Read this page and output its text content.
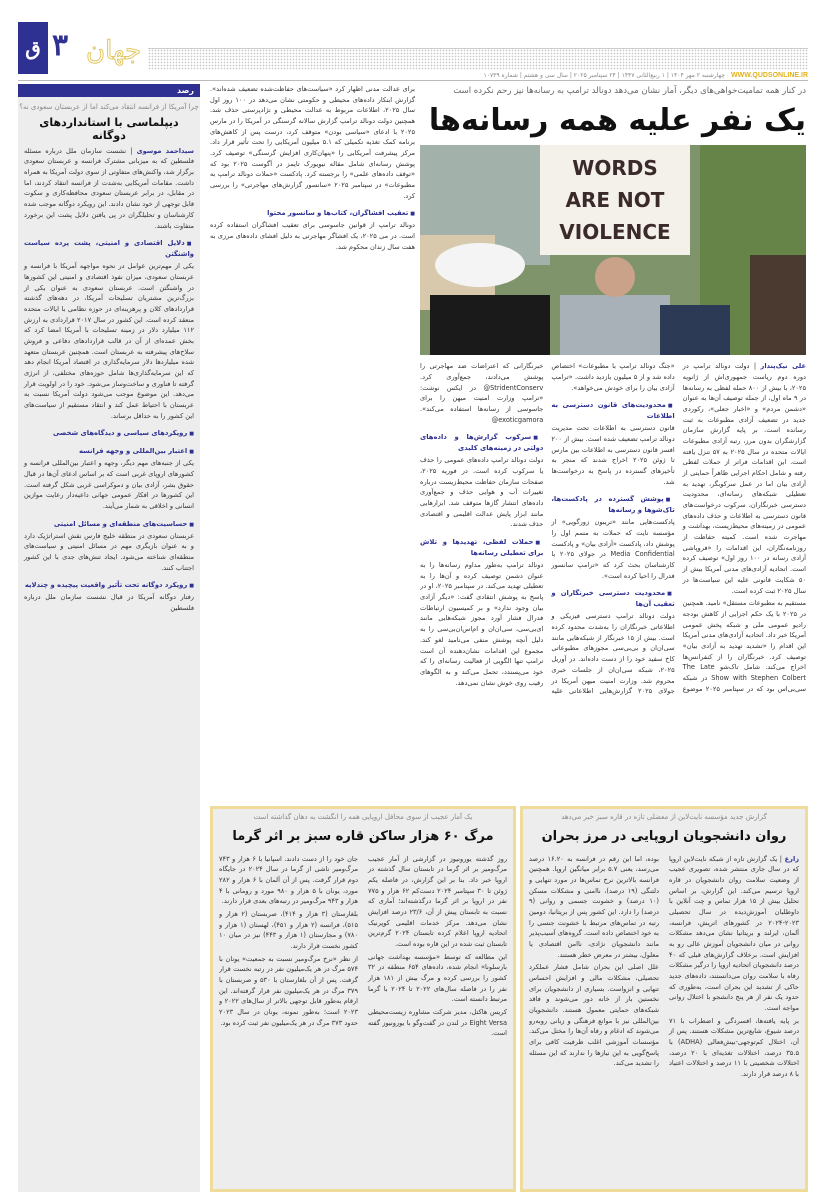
ق ۳ جهان
WWW.QUDSONLINE.IR
چهارشنبه ۲ مهر ۱۴۰۴ | ۱ ربیع‌الثانی ۱۴۴۷ | ۲۴ سپتامبر ۲۰۲۵ | سال سی و هشتم | شماره ۱۰۷۳۹
رصد
چرا آمریکا از فرانسه انتقاد می‌کند اما از عربستان سعودی نه؟
دیپلماسی با استانداردهای دوگانه

سیداحمد موسوی | نشست سازمان ملل درباره مسئله فلسطین که به میزبانی مشترک فرانسه و عربستان سعودی برگزار شد، واکنش‌های متفاوتی از سوی دولت آمریکا به همراه داشت. مقامات آمریکایی به‌شدت از فرانسه انتقاد کردند، اما در مقابل، در برابر عربستان سعودی محافظه‌کاری و سکوت قابل توجهی از خود نشان دادند. این رویکرد دوگانه موجب شده کارشناسان و تحلیلگران در پی یافتن دلایل پشت این برخورد متفاوت باشند.

■ دلایل اقتصادی و امنیتی، پشت پرده سیاست واشنگتن

یکی از مهم‌ترین عوامل در نحوه مواجهه آمریکا با فرانسه و عربستان سعودی، میزان نفوذ اقتصادی و امنیتی این کشورها در واشنگتن است. عربستان سعودی به عنوان یکی از بزرگ‌ترین مشتریان تسلیحات آمریکا، در دهه‌های گذشته قراردادهای کلان و پرهزینه‌ای در حوزه نظامی با ایالات متحده منعقد کرده است. این کشور در سال ۲۰۱۷ قراردادی به ارزش ۱۱۲ میلیارد دلار در زمینه تسلیحات با آمریکا امضا کرد که بخش عمده‌ای از آن در قالب قراردادهای دفاعی و فروش سلاح‌های پیشرفته به عربستان است. همچنین عربستان متعهد شده میلیاردها دلار سرمایه‌گذاری در اقتصاد آمریکا انجام دهد که این سرمایه‌گذاری‌ها شامل حوزه‌های مختلفی، از انرژی گرفته تا فناوری و ساخت‌وساز می‌شود. خود را در اولویت قرار می‌دهد. این موضوع موجب می‌شود دولت آمریکا نسبت به عربستان با احتیاط عمل کند و انتقاد مستقیم از سیاست‌های این کشور را به حداقل برساند.

■ رویکردهای سیاسی و دیدگاه‌های شخصی
■ اعتبار بین‌المللی و وجهه فرانسه

یکی از جنبه‌های مهم دیگر، وجهه و اعتبار بین‌المللی فرانسه و کشورهای اروپای غربی است که بر اساس ادعای آن‌ها در قبال حقوق بشر، آزادی بیان و دموکراسی غربی شکل گرفته است. این کشورها در افکار عمومی جهانی داعیه‌دار رعایت موازین انسانی و اخلاقی به شمار می‌آیند.

■ حساسیت‌های منطقه‌ای و مسائل امنیتی

عربستان سعودی در منطقه خلیج فارس نقش استراتژیک دارد و به عنوان بازیگری مهم در مسائل امنیتی و سیاست‌های منطقه‌ای شناخته می‌شود. ایجاد تنش‌های جدی با این کشور اجتناب کنند.

■ رویکرد دوگانه تحت تأثیر واقعیت پیچیده و چندلایه

رفتار دوگانه آمریکا در قبال نشست سازمان ملل درباره فلسطین

برای عدالت مدنی اظهار کرد «سیاست‌های حفاظت‌شده تضعیف شده‌اند». گزارش ابتکار داده‌های محیطی و حکومتی نشان می‌دهد در ۱۰۰ روز اول سال ۲۰۲۵، اطلاعات مربوط به عدالت محیطی و نژادپرستی حذف شد. همچنین دولت دونالد ترامپ گزارش سالانه گرسنگی در آمریکا را در مارس ۲۰۲۵ با ادعای «سیاسی بودن» متوقف کرد، درست پس از کاهش‌های برنامه کمک تغذیه تکمیلی که ۵.۱ میلیون آمریکایی را تحت تأثیر قرار داد. مرکز پیشرفت آمریکایی را «پنهان‌کاری افزایش گرسنگی» توصیف کرد. پوشش رسانه‌ای شامل مقاله نیویورک تایمز در آگوست ۲۰۲۵ بود که «توقف داده‌های علمی» را برجسته کرد. پادکست «حملات دونالد ترامپ به مطبوعات» در سپتامبر ۲۰۲۵ «سانسور گزارش‌های مهاجرتی» را بررسی کرد.

■ تعقیب افشاگران، کتاب‌ها و سانسور محتوا

دونالد ترامپ از قوانین جاسوسی برای تعقیب افشاگران استفاده کرده است. در می ۲۰۲۵، یک افشاگر مهاجرتی به دلیل افشای داده‌های مرزی به هفت سال زندان محکوم شد.

در کنار همه تمامیت‌خواهی‌های دیگر، آمار نشان می‌دهد دونالد ترامپ به رسانه‌ها نیز رحم نکرده است
یک نفر علیه همه رسانه‌ها
WORDS
ARE NOT
VIOLENCE

علی نیک‌پندار | دولت دونالد ترامپ در دوره دوم ریاست جمهوری‌اش از ژانویه ۲۰۲۵، با بیش از ۸۰۰ حمله لفظی به رسانه‌ها در ۹ ماه اول، از جمله توصیف آن‌ها به عنوان «دشمن مردم» و «اخبار جعلی»، رکوردی جدید در تضعیف آزادی مطبوعات به ثبت رسانده است. بر پایه گزارش سازمان گزارشگران بدون مرز، رتبه آزادی مطبوعات ایالات متحده در سال ۲۰۲۵ به ۵۷ تنزل یافته است. این اقدامات فراتر از حملات لفظی رفته و شامل احکام اجرایی ظاهراً حمایتی از آزادی بیان اما در عمل سرکوبگر، تهدید به تعطیلی شبکه‌های رسانه‌ای، محدودیت دسترسی خبرنگاران، سرکوب درخواست‌های قانون دسترسی به اطلاعات و حذف داده‌های عمومی در زمینه‌های محیط‌زیست، بهداشت و مهاجرت شده است. کمیته حفاظت از روزنامه‌نگاران، این اقدامات را «فروپاشی آزادی رسانه در ۱۰۰ روز اول» توصیف کرده است. اتحادیه آزادی‌های مدنی آمریکا بیش از ۵۰ شکایت قانونی علیه این سیاست‌ها در سال ۲۰۲۵ ثبت کرده است.

مستقیم به مطبوعات مستقل» نامید. همچنین در ۲۰۲۵ با یک حکم اجرایی از کاهش بودجه رادیو عمومی ملی و شبکه پخش عمومی آمریکا خبر داد. اتحادیه آزادی‌های مدنی آمریکا این اقدام را «تشدید تهدید به آزادی بیان» توصیف کرد. خبرنگاران را از کنفرانس‌ها اخراج می‌کند. شامل تاک‌شو The Late Show with Stephen Colbert در شبکه سی‌بی‌اس بود که در سپتامبر ۲۰۲۵ موضوع «جنگ دونالد ترامپ با مطبوعات» اختصاص داده شد و از ۵ میلیون بازدید داشت. «ترامپ آزادی بیان را برای خودش می‌خواهد».

■ محدودیت‌های قانون دسترسی به اطلاعات

قانون دسترسی به اطلاعات تحت مدیریت دونالد ترامپ تضعیف شده است. بیش از ۲۰۰ افسر قانون دسترسی به اطلاعات بین مارس تا ژوئن ۲۰۲۵ اخراج شدند که منجر به تأخیرهای گسترده در پاسخ به درخواست‌ها شد.

■ پوشش گسترده در پادکست‌ها، تاک‌شوها و رسانه‌ها

پادکست‌هایی مانند «تریبون زورگویی» از مؤسسه نایت که حملات به متمم اول را پوشش داد، پادکست «آزادی بیان» و پادکست Media Confidential در جولای ۲۰۲۵ با کارشناسان بحث کرد که «ترامپ سانسور فدرال را احیا کرده است».

■ محدودیت دسترسی خبرنگاران و تعقیب آن‌ها

دولت دونالد ترامپ دسترسی فیزیکی و اطلاعاتی خبرنگاران را به‌شدت محدود کرده است. بیش از ۱۵ خبرنگار از شبکه‌هایی مانند سی‌ان‌ان و بی‌بی‌سی مجوزهای مطبوعاتی کاخ سفید خود را از دست داده‌اند. در آوریل ۲۰۲۵، شبکه سی‌ان‌ان از جلسات خبری محروم شد. وزارت امنیت میهن آمریکا در جولای ۲۰۲۵ گزارش‌هایی اطلاعاتی علیه خبرنگارانی که اعتراضات ضد مهاجرتی را پوشش می‌دادند، جمع‌آوری کرد. StridentConserv@ در ایکس نوشت: «ترامپ وزارت امنیت میهن را برای جاسوسی از رسانه‌ها استفاده می‌کند». exoticgamora@

■ سرکوب گزارش‌ها و داده‌های دولتی در زمینه‌های کلیدی

دولت دونالد ترامپ داده‌های عمومی را حذف یا سرکوب کرده است. در فوریه ۲۰۲۵، صفحات سازمان حفاظت محیط‌زیست درباره تغییرات آب و هوایی حذف و جمع‌آوری داده‌های انتشار گازها متوقف شد. ابزارهایی مانند ابزار پایش عدالت اقلیمی و اقتصادی حذف شدند.

■ حملات لفظی، تهدیدها و تلاش برای تعطیلی رسانه‌ها

دونالد ترامپ به‌طور مداوم رسانه‌ها را به عنوان دشمن توصیف کرده و آن‌ها را به تعطیلی تهدید می‌کند. در سپتامبر ۲۰۲۵، او در پاسخ به پوشش انتقادی گفت: «دیگر آزادی بیان وجود ندارد» و بر کمیسیون ارتباطات فدرال فشار آورد مجوز شبکه‌هایی مانند ای‌بی‌سی، سی‌ان‌ان و ام‌اس‌ان‌بی‌سی را به دلیل آنچه پوشش منفی می‌نامید لغو کند. مجموع این اقدامات نشان‌دهنده آن است ترامپ تنها الگویی از فعالیت رسانه‌ای را که خود می‌پسندد، تحمل می‌کند و به الگوهای رقیب روی خوش نشان نمی‌دهد.

گزارش جدید مؤسسه نایت‌لاین از معضلی تازه در قاره سبز خبر می‌دهد
روان دانشجویان اروپایی در مرز بحران

زارع | یک گزارش تازه از شبکه نایت‌لاین اروپا که در سال جاری منتشر شده، تصویری عجیب از وضعیت سلامت روان دانشجویان در قاره اروپا ترسیم می‌کند. این گزارش، بر اساس تحلیل بیش از ۱۵ هزار تماس و چت آنلاین با داوطلبان آموزش‌دیده در سال تحصیلی ۲۰۲۳-۲۰۲۴ در کشورهای اتریش، فرانسه، آلمان، ایرلند و بریتانیا نشان می‌دهد مشکلات روانی در میان دانشجویان آموزش عالی رو به افزایش است. برخلاف گزارش‌های قبلی که ۴۰ درصد دانشجویان اتحادیه اروپا را درگیر مشکلات رفاه با سلامت روان می‌دانستند، داده‌های جدید حاکی از تشدید این بحران است، به‌طوری که حدود یک نفر از هر پنج دانشجو با اختلال روانی مواجه است.

بر پایه یافته‌ها، افسردگی و اضطراب با ۷۱ درصد شیوع، شایع‌ترین مشکلات هستند. پس از آن، اختلال کم‌توجهی-بیش‌فعالی (ADHA) با ۳۵.۵ درصد، اختلالات تغذیه‌ای با ۲۰ درصد، اختلالات شخصیتی با ۱۱ درصد و اختلالات اعتیاد با ۸ درصد قرار دارند.

بوده، اما این رقم در فرانسه به ۱۶.۲۰ درصد می‌رسد، یعنی ۵.۷ برابر میانگین اروپا. همچنین فرانسه بالاترین نرخ تماس‌ها در مورد تنهایی و دلتنگی (۱۹ درصد)، ناامنی و مشکلات مسکن (۱۰ درصد) و خشونت جسمی و روانی (۹ درصد) را دارد. این کشور پس از بریتانیا، دومین رتبه در تماس‌های مرتبط با خشونت جنسی را به خود اختصاص داده است. گروه‌های آسیب‌پذیر مانند دانشجویان نژادی، ناامن اقتصادی یا معلول، بیشتر در معرض خطر هستند.

علل اصلی این بحران شامل فشار عملکرد تحصیلی، مشکلات مالی و افزایش احساس تنهایی و انزواست. بسیاری از دانشجویان برای نخستین بار از خانه دور می‌شوند و فاقد شبکه‌های حمایتی معمول هستند. دانشجویان بین‌المللی نیز با موانع فرهنگی و زبانی روبه‌رو می‌شوند که ادغام و رفاه آن‌ها را مختل می‌کند. مؤسسات آموزشی اغلب ظرفیت کافی برای پاسخ‌گویی به این نیازها را ندارند که این مسئله را تشدید می‌کند.

یک آمار عجیب از سوی محافل اروپایی همه را انگشت به دهان گذاشته است
مرگ ۶۰ هزار ساکن قاره سبز بر اثر گرما

روز گذشته یورونیوز در گزارشی از آمار عجیب مرگ‌ومیر بر اثر گرما در تابستان سال گذشته در اروپا خبر داد. بنا بر این گزارش، در فاصله یکم ژوئن تا ۳۰ سپتامبر ۲۰۲۴ دست‌کم ۶۲ هزار و ۷۷۵ نفر در اروپا بر اثر گرما درگذشته‌اند؛ آماری که نسبت به تابستان پیش از آن، ۲۳/۶ درصد افزایش نشان می‌دهد. مرکز خدمات اقلیمی کوپرنیک اتحادیه اروپا اعلام کرده تابستان ۲۰۲۴ گرم‌ترین تابستان ثبت شده در این قاره بوده است.

این مطالعه که توسط «مؤسسه بهداشت جهانی بارسلونا» انجام شده، داده‌های ۶۵۴ منطقه در ۳۲ کشور را بررسی کرده و مرگ بیش از ۱۸۱ هزار نفر را در فاصله سال‌های ۲۰۲۲ تا ۲۰۲۴ با گرما مرتبط دانسته است.

کریس هاکتل، مدیر شرکت مشاوره زیست‌محیطی Eight Versa در لندن در گفت‌وگو با یورونیوز گفته است.

جان خود را از دست دادند. اسپانیا با ۶ هزار و ۷۴۳ مرگ‌ومیر ناشی از گرما در سال ۲۰۲۴ در جایگاه دوم قرار گرفت. پس از آن آلمان با ۶ هزار و ۲۸۲ مورد، یونان با ۵ هزار و ۹۸۰ مورد و رومانی با ۴ هزار و ۹۴۳ مرگ‌ومیر در رتبه‌های بعدی قرار دارند.

بلغارستان (۳ هزار و ۴۱۴)، صربستان (۲ هزار و ۵۱۵)، فرانسه (۲ هزار و ۴۵۱)، لهستان (۱ هزار و ۷۸۰) و مجارستان (۱ هزار و ۴۴۳) نیز در میان ۱۰ کشور نخست قرار دارند.

از نظر «نرخ مرگ‌ومیر نسبت به جمعیت» یونان با ۵۷۴ مرگ در هر یک‌میلیون نفر در رتبه نخست قرار گرفت. پس از آن بلغارستان با ۵۳۰ و صربستان با ۳۷۹ مرگ در هر یک‌میلیون نفر قرار گرفته‌اند. این ارقام به‌طور قابل توجهی بالاتر از سال‌های ۲۰۲۲ و ۲۰۲۳ است؛ به‌طور نمونه، یونان در سال ۲۰۲۳ حدود ۳۷۳ مرگ در هر یک‌میلیون نفر ثبت کرده بود.
